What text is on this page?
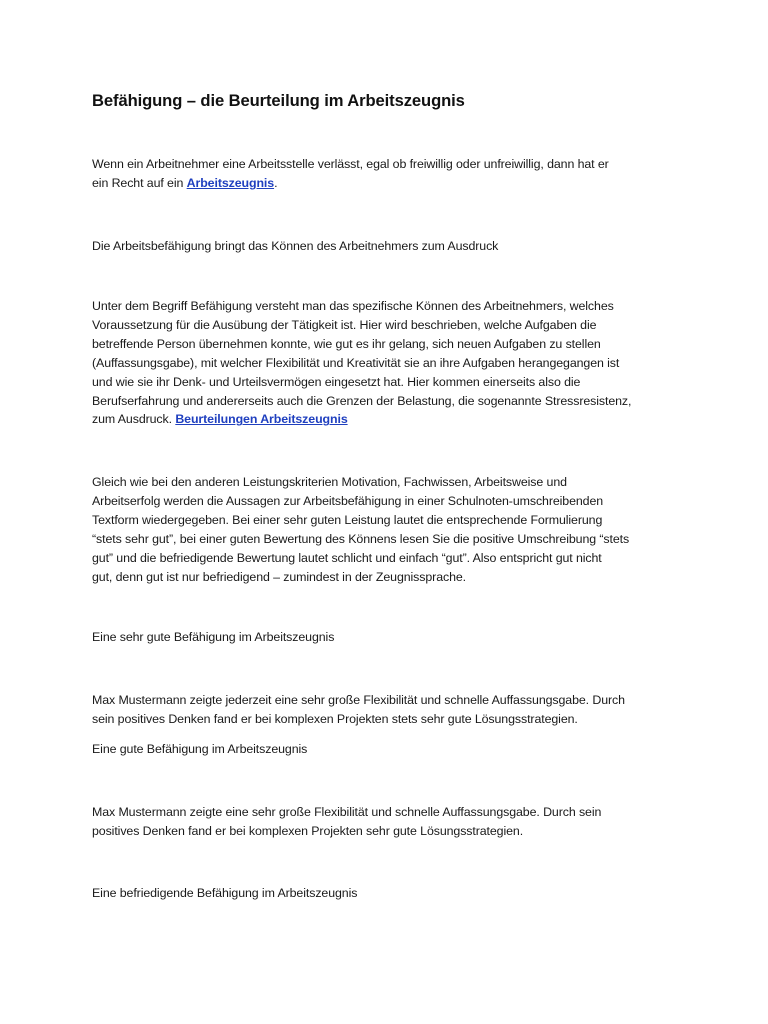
Befähigung – die Beurteilung im Arbeitszeugnis
Wenn ein Arbeitnehmer eine Arbeitsstelle verlässt, egal ob freiwillig oder unfreiwillig, dann hat er
ein Recht auf ein Arbeitszeugnis.
Die Arbeitsbefähigung bringt das Können des Arbeitnehmers zum Ausdruck
Unter dem Begriff Befähigung versteht man das spezifische Können des Arbeitnehmers, welches
Voraussetzung für die Ausübung der Tätigkeit ist. Hier wird beschrieben, welche Aufgaben die
betreffende Person übernehmen konnte, wie gut es ihr gelang, sich neuen Aufgaben zu stellen
(Auffassungsgabe), mit welcher Flexibilität und Kreativität sie an ihre Aufgaben herangegangen ist
und wie sie ihr Denk- und Urteilsvermögen eingesetzt hat. Hier kommen einerseits also die
Berufserfahrung und andererseits auch die Grenzen der Belastung, die sogenannte Stressresistenz,
zum Ausdruck. Beurteilungen Arbeitszeugnis
Gleich wie bei den anderen Leistungskriterien Motivation, Fachwissen, Arbeitsweise und
Arbeitserfolg werden die Aussagen zur Arbeitsbefähigung in einer Schulnoten-umschreibenden
Textform wiedergegeben. Bei einer sehr guten Leistung lautet die entsprechende Formulierung
“stets sehr gut”, bei einer guten Bewertung des Könnens lesen Sie die positive Umschreibung “stets
gut” und die befriedigende Bewertung lautet schlicht und einfach “gut”. Also entspricht gut nicht
gut, denn gut ist nur befriedigend – zumindest in der Zeugnissprache.
Eine sehr gute Befähigung im Arbeitszeugnis
Max Mustermann zeigte jederzeit eine sehr große Flexibilität und schnelle Auffassungsgabe. Durch
sein positives Denken fand er bei komplexen Projekten stets sehr gute Lösungsstrategien.
Eine gute Befähigung im Arbeitszeugnis
Max Mustermann zeigte eine sehr große Flexibilität und schnelle Auffassungsgabe. Durch sein
positives Denken fand er bei komplexen Projekten sehr gute Lösungsstrategien.
Eine befriedigende Befähigung im Arbeitszeugnis
